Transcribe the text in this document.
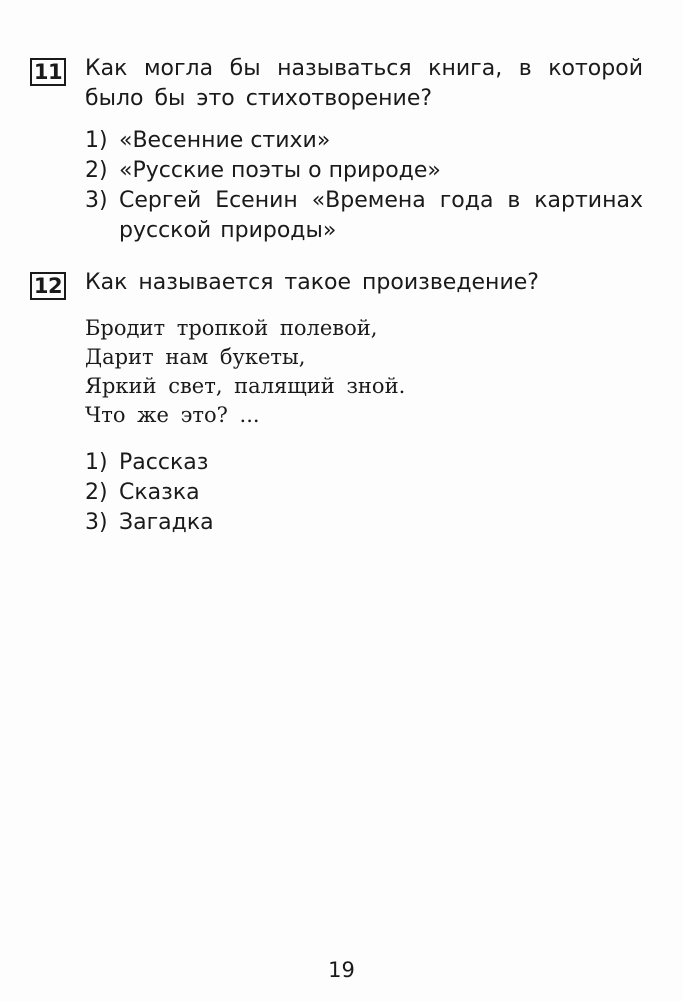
11 Как могла бы называться книга, в которой было бы это стихотворение?
1) «Весенние стихи»
2) «Русские поэты о природе»
3) Сергей Есенин «Времена года в картинах русской природы»
12 Как называется такое произведение?
Бродит тропкой полевой,
Дарит нам букеты,
Яркий свет, палящий зной.
Что же это? ...
1) Рассказ
2) Сказка
3) Загадка
19
